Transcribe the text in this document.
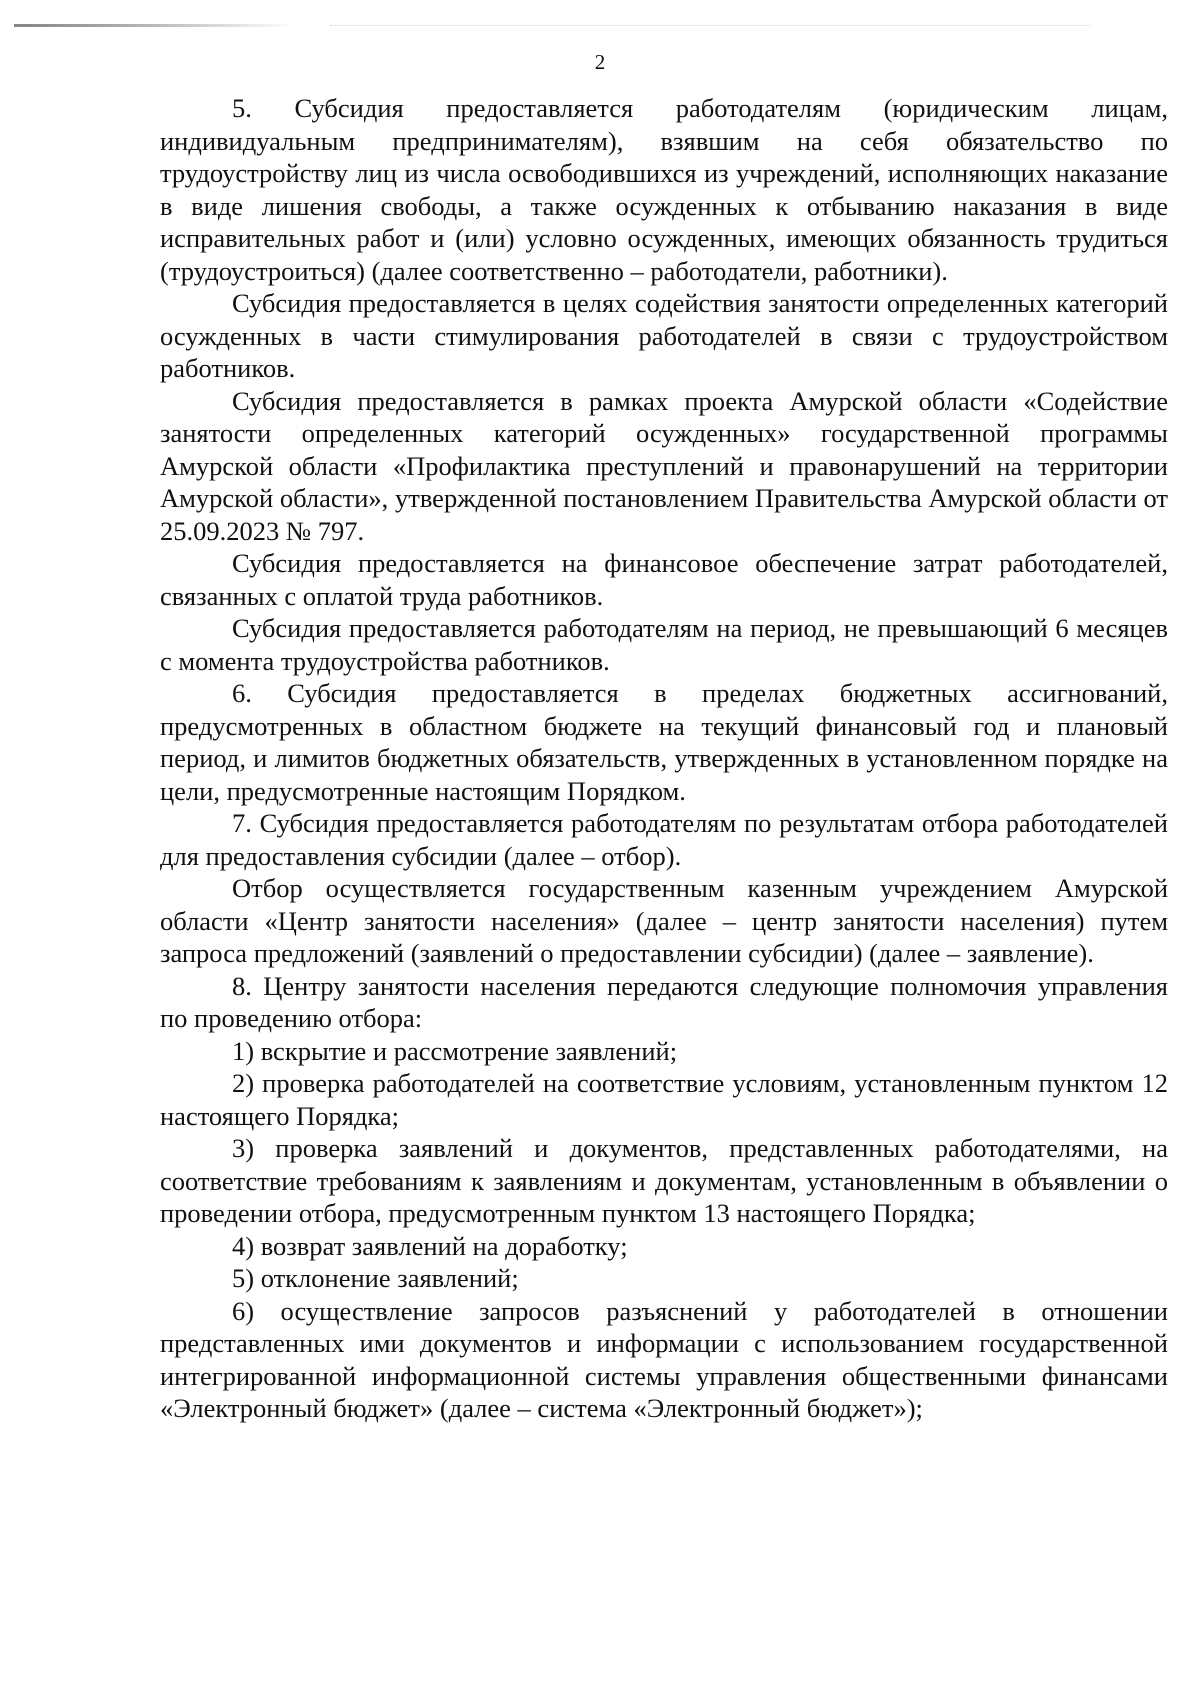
2

5. Субсидия предоставляется работодателям (юридическим лицам, индивидуальным предпринимателям), взявшим на себя обязательство по трудоустройству лиц из числа освободившихся из учреждений, исполняющих наказание в виде лишения свободы, а также осужденных к отбыванию наказания в виде исправительных работ и (или) условно осужденных, имеющих обязанность трудиться (трудоустроиться) (далее соответственно – работодатели, работники).

Субсидия предоставляется в целях содействия занятости определенных категорий осужденных в части стимулирования работодателей в связи с трудоустройством работников.

Субсидия предоставляется в рамках проекта Амурской области «Содействие занятости определенных категорий осужденных» государственной программы Амурской области «Профилактика преступлений и правонарушений на территории Амурской области», утвержденной постановлением Правительства Амурской области от 25.09.2023 № 797.

Субсидия предоставляется на финансовое обеспечение затрат работодателей, связанных с оплатой труда работников.

Субсидия предоставляется работодателям на период, не превышающий 6 месяцев с момента трудоустройства работников.

6. Субсидия предоставляется в пределах бюджетных ассигнований, предусмотренных в областном бюджете на текущий финансовый год и плановый период, и лимитов бюджетных обязательств, утвержденных в установленном порядке на цели, предусмотренные настоящим Порядком.

7. Субсидия предоставляется работодателям по результатам отбора работодателей для предоставления субсидии (далее – отбор).

Отбор осуществляется государственным казенным учреждением Амурской области «Центр занятости населения» (далее – центр занятости населения) путем запроса предложений (заявлений о предоставлении субсидии) (далее – заявление).

8. Центру занятости населения передаются следующие полномочия управления по проведению отбора:

1) вскрытие и рассмотрение заявлений;

2) проверка работодателей на соответствие условиям, установленным пунктом 12 настоящего Порядка;

3) проверка заявлений и документов, представленных работодателями, на соответствие требованиям к заявлениям и документам, установленным в объявлении о проведении отбора, предусмотренным пунктом 13 настоящего Порядка;

4) возврат заявлений на доработку;

5) отклонение заявлений;

6) осуществление запросов разъяснений у работодателей в отношении представленных ими документов и информации с использованием государственной интегрированной информационной системы управления общественными финансами «Электронный бюджет» (далее – система «Электронный бюджет»);
